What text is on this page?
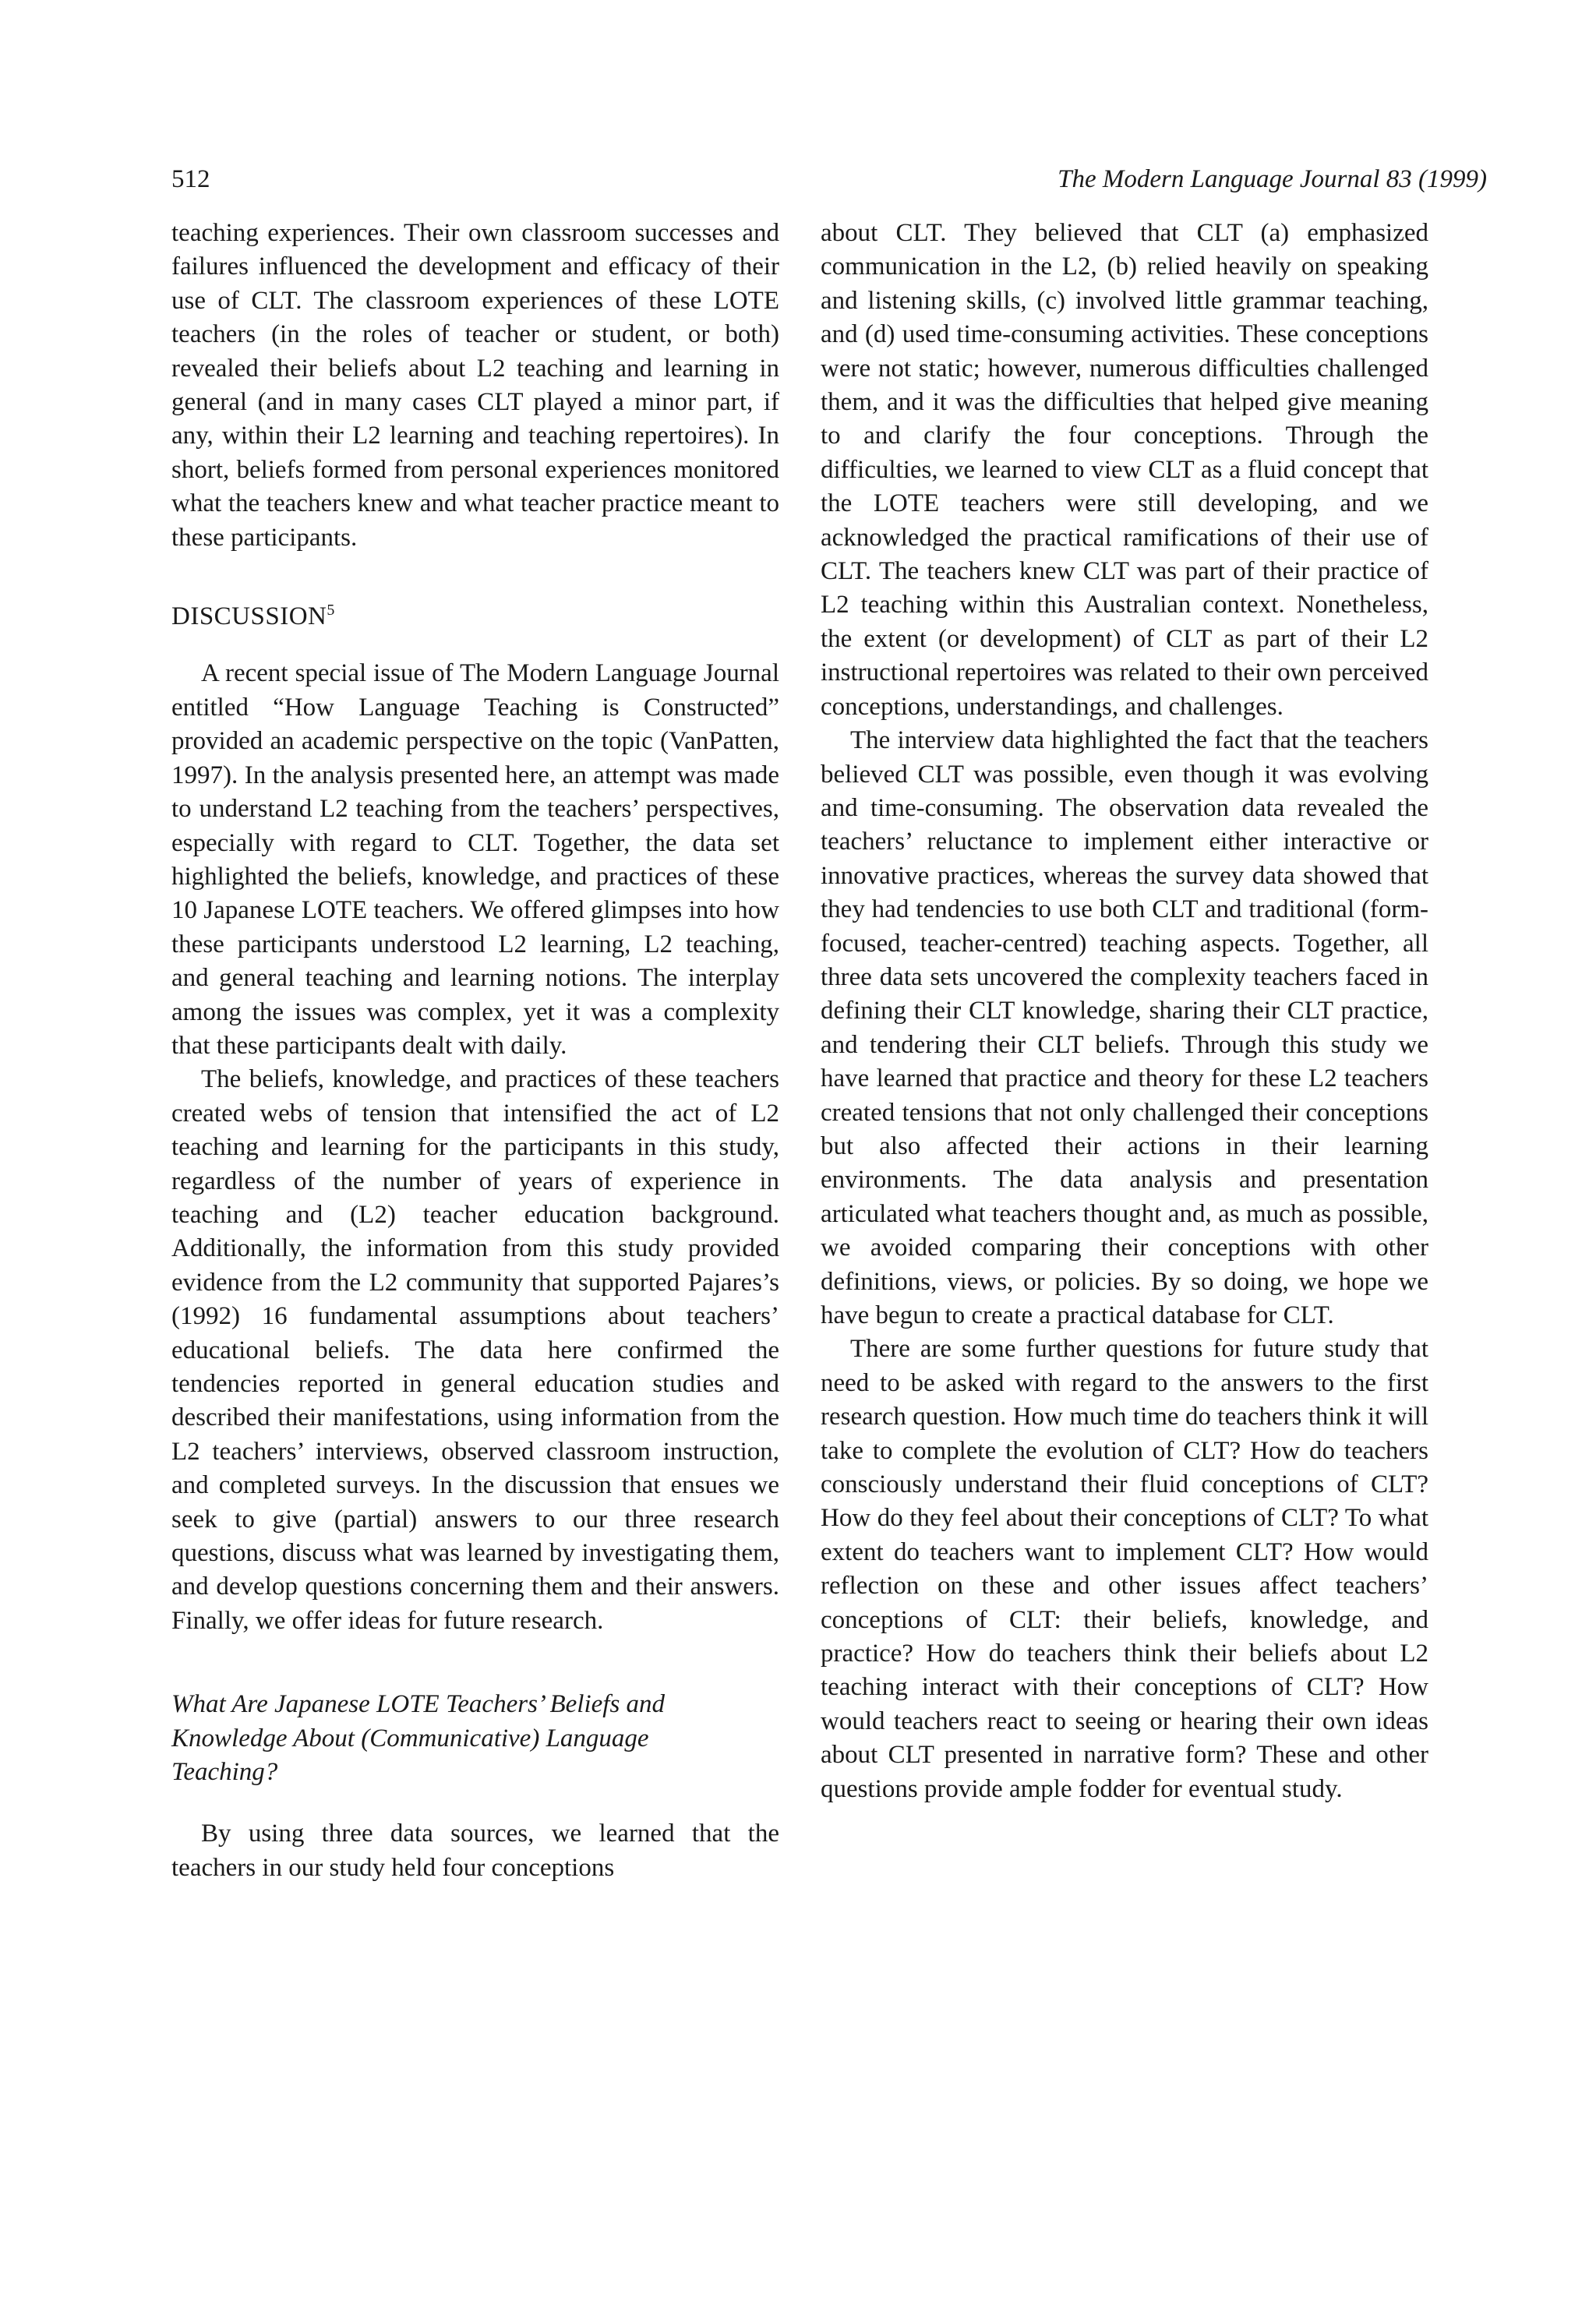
512	The Modern Language Journal 83 (1999)

teaching experiences. Their own classroom successes and failures influenced the development and efficacy of their use of CLT. The classroom experiences of these LOTE teachers (in the roles of teacher or student, or both) revealed their beliefs about L2 teaching and learning in general (and in many cases CLT played a minor part, if any, within their L2 learning and teaching repertoires). In short, beliefs formed from personal experiences monitored what the teachers knew and what teacher practice meant to these participants.

DISCUSSION$^5$

A recent special issue of The Modern Language Journal entitled “How Language Teaching is Constructed” provided an academic perspective on the topic (VanPatten, 1997). In the analysis presented here, an attempt was made to understand L2 teaching from the teachers’ perspectives, especially with regard to CLT. Together, the data set highlighted the beliefs, knowledge, and practices of these 10 Japanese LOTE teachers. We offered glimpses into how these participants understood L2 learning, L2 teaching, and general teaching and learning notions. The interplay among the issues was complex, yet it was a complexity that these participants dealt with daily.

The beliefs, knowledge, and practices of these teachers created webs of tension that intensified the act of L2 teaching and learning for the participants in this study, regardless of the number of years of experience in teaching and (L2) teacher education background. Additionally, the information from this study provided evidence from the L2 community that supported Pajares’s (1992) 16 fundamental assumptions about teachers’ educational beliefs. The data here confirmed the tendencies reported in general education studies and described their manifestations, using information from the L2 teachers’ interviews, observed classroom instruction, and completed surveys. In the discussion that ensues we seek to give (partial) answers to our three research questions, discuss what was learned by investigating them, and develop questions concerning them and their answers. Finally, we offer ideas for future research.

What Are Japanese LOTE Teachers’ Beliefs and Knowledge About (Communicative) Language Teaching?

By using three data sources, we learned that the teachers in our study held four conceptions

about CLT. They believed that CLT (a) emphasized communication in the L2, (b) relied heavily on speaking and listening skills, (c) involved little grammar teaching, and (d) used time-consuming activities. These conceptions were not static; however, numerous difficulties challenged them, and it was the difficulties that helped give meaning to and clarify the four conceptions. Through the difficulties, we learned to view CLT as a fluid concept that the LOTE teachers were still developing, and we acknowledged the practical ramifications of their use of CLT. The teachers knew CLT was part of their practice of L2 teaching within this Australian context. Nonetheless, the extent (or development) of CLT as part of their L2 instructional repertoires was related to their own perceived conceptions, understandings, and challenges.

The interview data highlighted the fact that the teachers believed CLT was possible, even though it was evolving and time-consuming. The observation data revealed the teachers’ reluctance to implement either interactive or innovative practices, whereas the survey data showed that they had tendencies to use both CLT and traditional (form-focused, teacher-centred) teaching aspects. Together, all three data sets uncovered the complexity teachers faced in defining their CLT knowledge, sharing their CLT practice, and tendering their CLT beliefs. Through this study we have learned that practice and theory for these L2 teachers created tensions that not only challenged their conceptions but also affected their actions in their learning environments. The data analysis and presentation articulated what teachers thought and, as much as possible, we avoided comparing their conceptions with other definitions, views, or policies. By so doing, we hope we have begun to create a practical database for CLT.

There are some further questions for future study that need to be asked with regard to the answers to the first research question. How much time do teachers think it will take to complete the evolution of CLT? How do teachers consciously understand their fluid conceptions of CLT? How do they feel about their conceptions of CLT? To what extent do teachers want to implement CLT? How would reflection on these and other issues affect teachers’ conceptions of CLT: their beliefs, knowledge, and practice? How do teachers think their beliefs about L2 teaching interact with their conceptions of CLT? How would teachers react to seeing or hearing their own ideas about CLT presented in narrative form? These and other questions provide ample fodder for eventual study.
